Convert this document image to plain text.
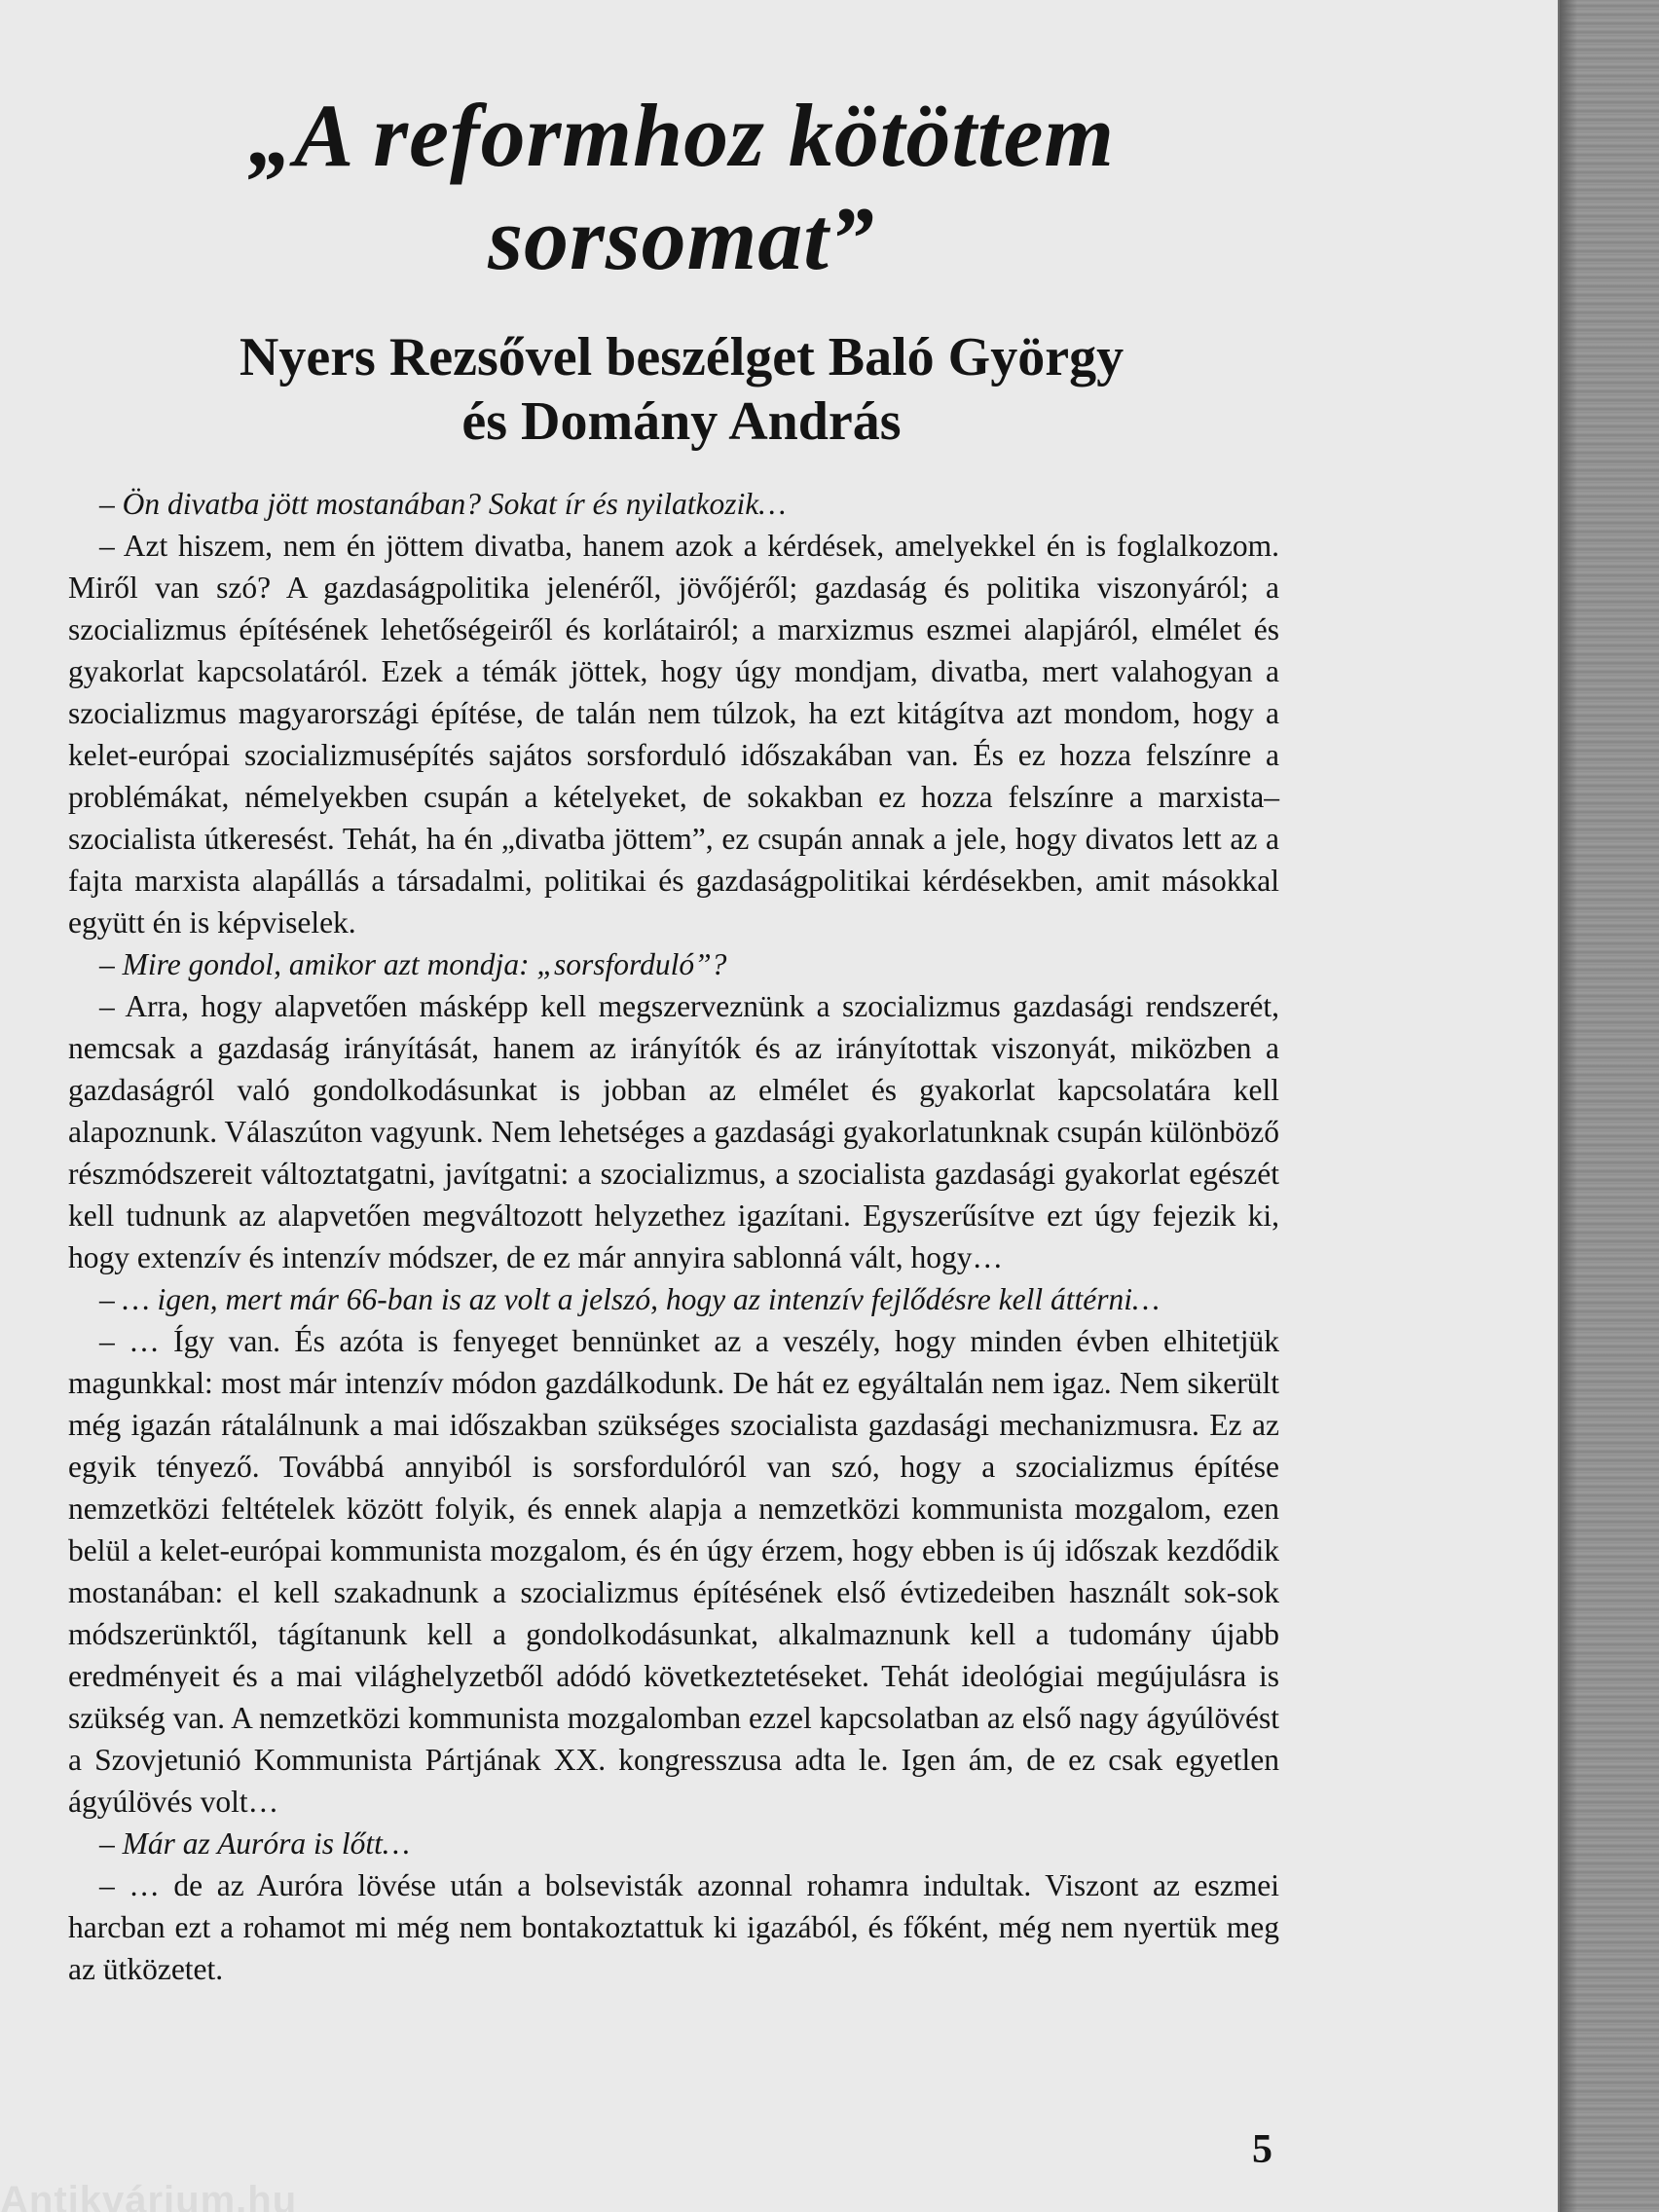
„A reformhoz kötöttem
sorsomat”
Nyers Rezsővel beszélget Baló György
és Domány András

– Ön divatba jött mostanában? Sokat ír és nyilatkozik…

– Azt hiszem, nem én jöttem divatba, hanem azok a kérdések, amelyekkel én is foglalkozom. Miről van szó? A gazdaságpolitika jelenéről, jövőjéről; gazdaság és politika viszonyáról; a szocializmus építésének lehetőségeiről és korlátairól; a marxizmus eszmei alapjáról, elmélet és gyakorlat kapcsolatáról. Ezek a témák jöttek, hogy úgy mondjam, divatba, mert valahogyan a szocializmus magyarországi építése, de talán nem túlzok, ha ezt kitágítva azt mondom, hogy a kelet-európai szocializmusépítés sajátos sorsforduló időszakában van. És ez hozza felszínre a problémákat, némelyekben csupán a kételyeket, de sokakban ez hozza felszínre a marxista–szocialista útkeresést. Tehát, ha én „divatba jöttem”, ez csupán annak a jele, hogy divatos lett az a fajta marxista alapállás a társadalmi, politikai és gazdaságpolitikai kérdésekben, amit másokkal együtt én is képviselek.

– Mire gondol, amikor azt mondja: „sorsforduló”?

– Arra, hogy alapvetően másképp kell megszerveznünk a szocializmus gazdasági rendszerét, nemcsak a gazdaság irányítását, hanem az irányítók és az irányítottak viszonyát, miközben a gazdaságról való gondolkodásunkat is jobban az elmélet és gyakorlat kapcsolatára kell alapoznunk. Válaszúton vagyunk. Nem lehetséges a gazdasági gyakorlatunknak csupán különböző részmódszereit változtatgatni, javítgatni: a szocializmus, a szocialista gazdasági gyakorlat egészét kell tudnunk az alapvetően megváltozott helyzethez igazítani. Egyszerűsítve ezt úgy fejezik ki, hogy extenzív és intenzív módszer, de ez már annyira sablonná vált, hogy…

– … igen, mert már 66-ban is az volt a jelszó, hogy az intenzív fejlődésre kell áttérni…

– … Így van. És azóta is fenyeget bennünket az a veszély, hogy minden évben elhitetjük magunkkal: most már intenzív módon gazdálkodunk. De hát ez egyáltalán nem igaz. Nem sikerült még igazán rátalálnunk a mai időszakban szükséges szocialista gazdasági mechanizmusra. Ez az egyik tényező. Továbbá annyiból is sorsfordulóról van szó, hogy a szocializmus építése nemzetközi feltételek között folyik, és ennek alapja a nemzetközi kommunista mozgalom, ezen belül a kelet-európai kommunista mozgalom, és én úgy érzem, hogy ebben is új időszak kezdődik mostanában: el kell szakadnunk a szocializmus építésének első évtizedeiben használt sok-sok módszerünktől, tágítanunk kell a gondolkodásunkat, alkalmaznunk kell a tudomány újabb eredményeit és a mai világhelyzetből adódó következtetéseket. Tehát ideológiai megújulásra is szükség van. A nemzetközi kommunista mozgalomban ezzel kapcsolatban az első nagy ágyúlövést a Szovjetunió Kommunista Pártjának XX. kongresszusa adta le. Igen ám, de ez csak egyetlen ágyúlövés volt…

– Már az Auróra is lőtt…

– … de az Auróra lövése után a bolsevisták azonnal rohamra indultak. Viszont az eszmei harcban ezt a rohamot mi még nem bontakoztattuk ki igazából, és főként, még nem nyertük meg az ütközetet.

5
Antikvárium.hu
